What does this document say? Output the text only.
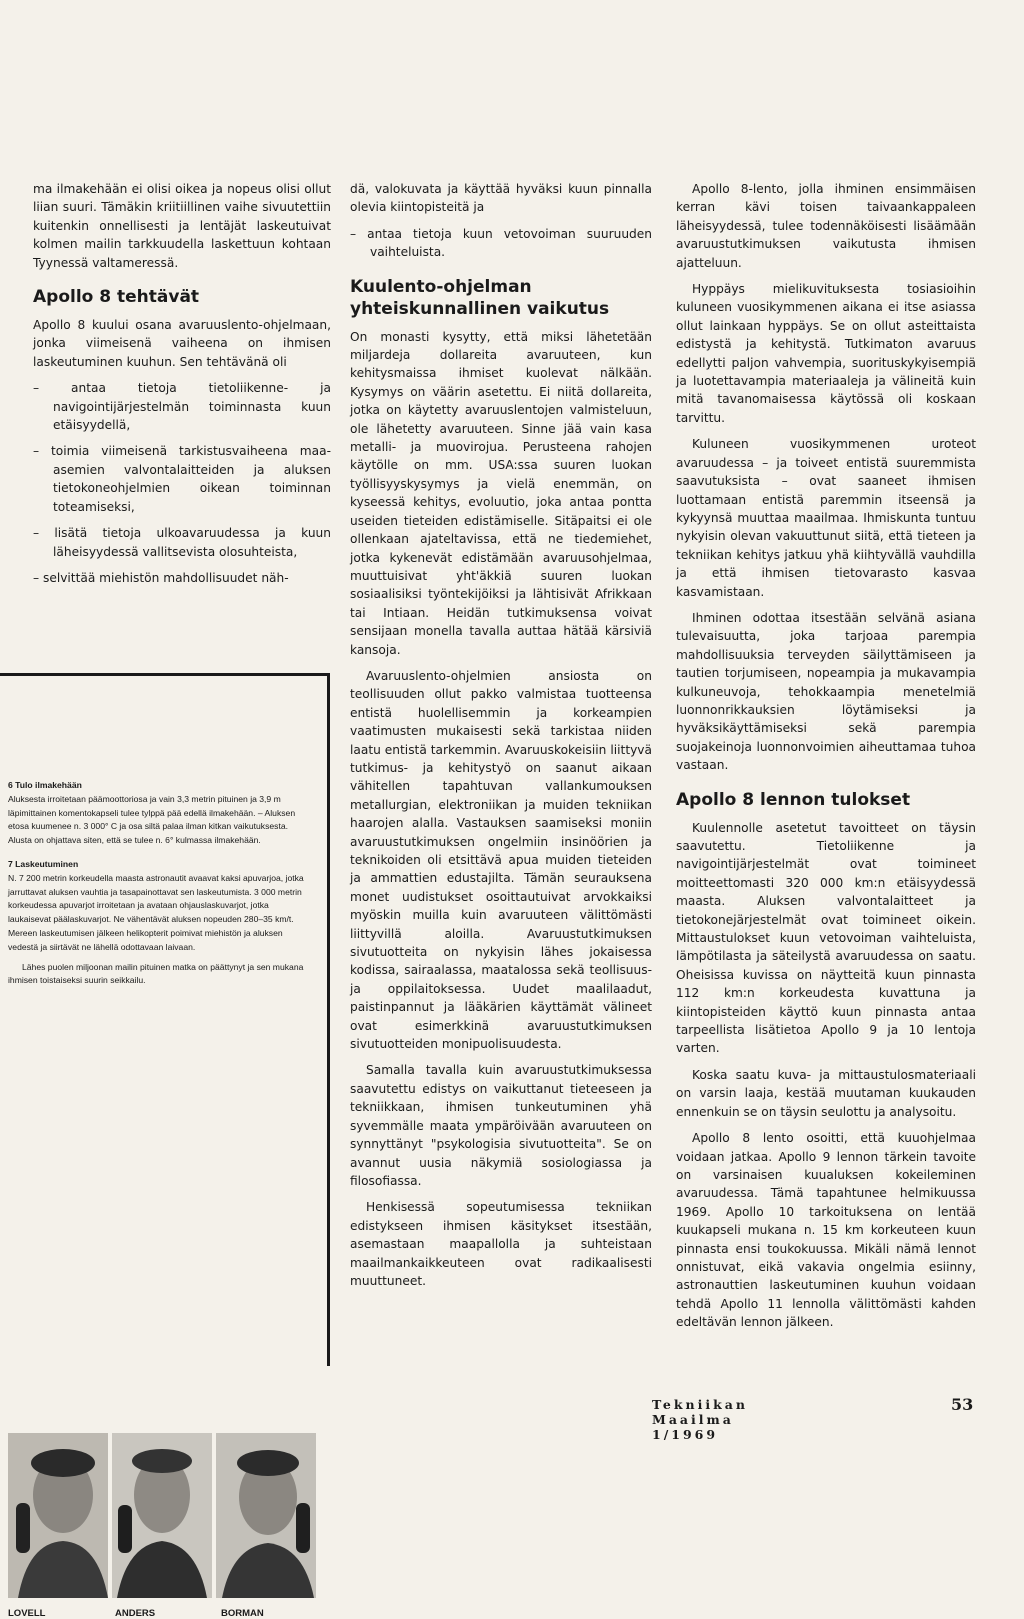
ma ilmakehään ei olisi oikea ja nopeus olisi ollut liian suuri. Tämäkin kriitiillinen vaihe sivuutettiin kuitenkin onnellisesti ja lentäjät laskeutuivat kolmen mailin tarkkuudella laskettuun kohtaan Tyynessä valtameressä.

Apollo 8 tehtävät

Apollo 8 kuului osana avaruuslento-ohjelmaan, jonka viimeisenä vaiheena on ihmisen laskeutuminen kuuhun. Sen tehtävänä oli

– antaa tietoja tietoliikenne- ja navigointijärjestelmän toiminnasta kuun etäisyydellä,

– toimia viimeisenä tarkistusvaiheena maa-asemien valvontalaitteiden ja aluksen tietokoneohjelmien oikean toiminnan toteamiseksi,

– lisätä tietoja ulkoavaruudessa ja kuun läheisyydessä vallitsevista olosuhteista,

– selvittää miehistön mahdollisuudet näh-

6 Tulo ilmakehään

Aluksesta irroitetaan päämoottoriosa ja vain 3,3 metrin pituinen ja 3,9 m läpimittainen komentokapseli tulee tylppä pää edellä ilmakehään. – Aluksen etosa kuumenee n. 3 000° C ja osa siltä palaa ilman kitkan vaikutuksesta. Alusta on ohjattava siten, että se tulee n. 6° kulmassa ilmakehään.

7 Laskeutuminen

N. 7 200 metrin korkeudella maasta astronautit avaavat kaksi apuvarjoa, jotka jarruttavat aluksen vauhtia ja tasapainottavat sen laskeutumista. 3 000 metrin korkeudessa apuvarjot irroitetaan ja avataan ohjauslaskuvarjot, jotka laukaisevat päälaskuvarjot. Ne vähentävät aluksen nopeuden 280–35 km/t. Mereen laskeutumisen jälkeen helikopterit poimivat miehistön ja aluksen vedestä ja siirtävät ne lähellä odottavaan laivaan.

Lähes puolen miljoonan mailin pituinen matka on päättynyt ja sen mukana ihmisen toistaiseksi suurin seikkailu.

LOVELL	ANDERS	BORMAN

dä, valokuvata ja käyttää hyväksi kuun pinnalla olevia kiintopisteitä ja

– antaa tietoja kuun vetovoiman suuruuden vaihteluista.

Kuulento-ohjelman yhteiskunnallinen vaikutus

On monasti kysytty, että miksi lähetetään miljardeja dollareita avaruuteen, kun kehitysmaissa ihmiset kuolevat nälkään. Kysymys on väärin asetettu. Ei niitä dollareita, jotka on käytetty avaruuslentojen valmisteluun, ole lähetetty avaruuteen. Sinne jää vain kasa metalli- ja muovirojua. Perusteena rahojen käytölle on mm. USA:ssa suuren luokan työllisyyskysymys ja vielä enemmän, on kyseessä kehitys, evoluutio, joka antaa pontta useiden tieteiden edistämiselle. Sitäpaitsi ei ole ollenkaan ajateltavissa, että ne tiedemiehet, jotka kykenevät edistämään avaruusohjelmaa, muuttuisivat yht'äkkiä suuren luokan sosiaalisiksi työntekijöiksi ja lähtisivät Afrikkaan tai Intiaan. Heidän tutkimuksensa voivat sensijaan monella tavalla auttaa hätää kärsiviä kansoja.

Avaruuslento-ohjelmien ansiosta on teollisuuden ollut pakko valmistaa tuotteensa entistä huolellisemmin ja korkeampien vaatimusten mukaisesti sekä tarkistaa niiden laatu entistä tarkemmin. Avaruuskokeisiin liittyvä tutkimus- ja kehitystyö on saanut aikaan vähitellen tapahtuvan vallankumouksen metallurgian, elektroniikan ja muiden tekniikan haarojen alalla. Vastauksen saamiseksi moniin avaruustutkimuksen ongelmiin insinöörien ja teknikoiden oli etsittävä apua muiden tieteiden ja ammattien edustajilta. Tämän seurauksena monet uudistukset osoittautuivat arvokkaiksi myöskin muilla kuin avaruuteen välittömästi liittyvillä aloilla. Avaruustutkimuksen sivutuotteita on nykyisin lähes jokaisessa kodissa, sairaalassa, maatalossa sekä teollisuus- ja oppilaitoksessa. Uudet maalilaadut, paistinpannut ja lääkärien käyttämät välineet ovat esimerkkinä avaruustutkimuksen sivutuotteiden monipuolisuudesta.

Samalla tavalla kuin avaruustutkimuksessa saavutettu edistys on vaikuttanut tieteeseen ja tekniikkaan, ihmisen tunkeutuminen yhä syvemmälle maata ympäröivään avaruuteen on synnyttänyt "psykologisia sivutuotteita". Se on avannut uusia näkymiä sosiologiassa ja filosofiassa.

Henkisessä sopeutumisessa tekniikan edistykseen ihmisen käsitykset itsestään, asemastaan maapallolla ja suhteistaan maailmankaikkeuteen ovat radikaalisesti muuttuneet.

Apollo 8-lento, jolla ihminen ensimmäisen kerran kävi toisen taivaankappaleen läheisyydessä, tulee todennäköisesti lisäämään avaruustutkimuksen vaikutusta ihmisen ajatteluun.

Hyppäys mielikuvituksesta tosiasioihin kuluneen vuosikymmenen aikana ei itse asiassa ollut lainkaan hyppäys. Se on ollut asteittaista edistystä ja kehitystä. Tutkimaton avaruus edellytti paljon vahvempia, suorituskykyisempiä ja luotettavampia materiaaleja ja välineitä kuin mitä tavanomaisessa käytössä oli koskaan tarvittu.

Kuluneen vuosikymmenen uroteot avaruudessa – ja toiveet entistä suuremmista saavutuksista – ovat saaneet ihmisen luottamaan entistä paremmin itseensä ja kykyynsä muuttaa maailmaa. Ihmiskunta tuntuu nykyisin olevan vakuuttunut siitä, että tieteen ja tekniikan kehitys jatkuu yhä kiihtyvällä vauhdilla ja että ihmisen tietovarasto kasvaa kasvamistaan.

Ihminen odottaa itsestään selvänä asiana tulevaisuutta, joka tarjoaa parempia mahdollisuuksia terveyden säilyttämiseen ja tautien torjumiseen, nopeampia ja mukavampia kulkuneuvoja, tehokkaampia menetelmiä luonnonrikkauksien löytämiseksi ja hyväksikäyttämiseksi sekä parempia suojakeinoja luonnonvoimien aiheuttamaa tuhoa vastaan.

Apollo 8 lennon tulokset

Kuulennolle asetetut tavoitteet on täysin saavutettu. Tietoliikenne ja navigointijärjestelmät ovat toimineet moitteettomasti 320 000 km:n etäisyydessä maasta. Aluksen valvontalaitteet ja tietokonejärjestelmät ovat toimineet oikein. Mittaustulokset kuun vetovoiman vaihteluista, lämpötilasta ja säteilystä avaruudessa on saatu. Oheisissa kuvissa on näytteitä kuun pinnasta 112 km:n korkeudesta kuvattuna ja kiintopisteiden käyttö kuun pinnasta antaa tarpeellista lisätietoa Apollo 9 ja 10 lentoja varten.

Koska saatu kuva- ja mittaustulosmateriaali on varsin laaja, kestää muutaman kuukauden ennenkuin se on täysin seulottu ja analysoitu.

Apollo 8 lento osoitti, että kuuohjelmaa voidaan jatkaa. Apollo 9 lennon tärkein tavoite on varsinaisen kuualuksen kokeileminen avaruudessa. Tämä tapahtunee helmikuussa 1969. Apollo 10 tarkoituksena on lentää kuukapseli mukana n. 15 km korkeuteen kuun pinnasta ensi toukokuussa. Mikäli nämä lennot onnistuvat, eikä vakavia ongelmia esiinny, astronauttien laskeutuminen kuuhun voidaan tehdä Apollo 11 lennolla välittömästi kahden edeltävän lennon jälkeen.

Tekniikan Maailma 1/1969
53
